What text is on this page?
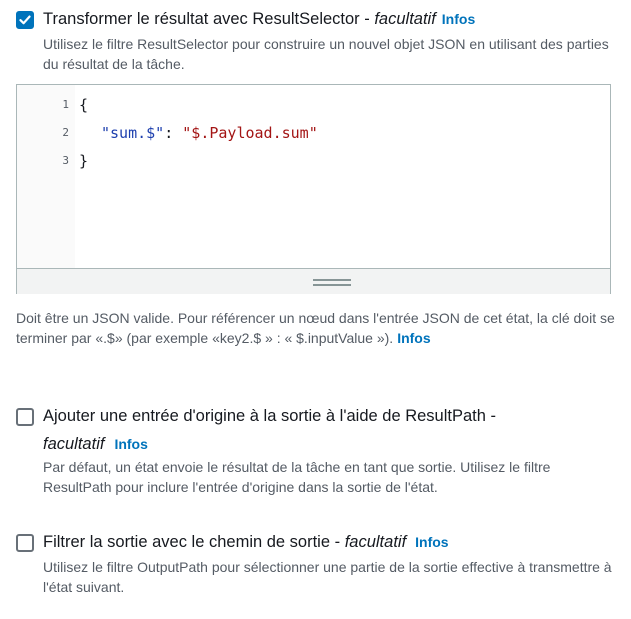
Transformer le résultat avec ResultSelector - facultatif Infos
Utilisez le filtre ResultSelector pour construire un nouvel objet JSON en utilisant des parties du résultat de la tâche.
1 {
2 "sum.$": "$.Payload.sum"
3 }
Doit être un JSON valide. Pour référencer un nœud dans l'entrée JSON de cet état, la clé doit se terminer par «.$» (par exemple «key2.$ » : « $.inputValue »). Infos
Ajouter une entrée d'origine à la sortie à l'aide de ResultPath -
facultatif Infos
Par défaut, un état envoie le résultat de la tâche en tant que sortie. Utilisez le filtre ResultPath pour inclure l'entrée d'origine dans la sortie de l'état.
Filtrer la sortie avec le chemin de sortie - facultatif Infos
Utilisez le filtre OutputPath pour sélectionner une partie de la sortie effective à transmettre à l'état suivant.
